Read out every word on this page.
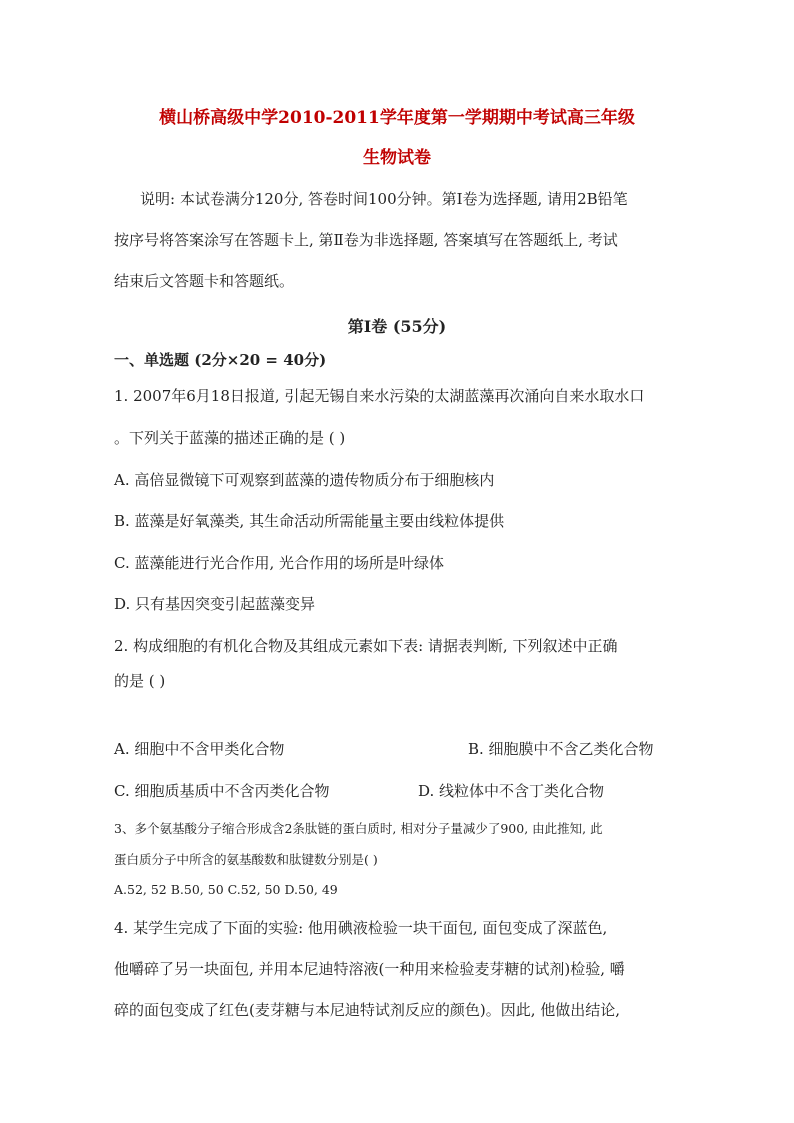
横山桥高级中学2010-2011学年度第一学期期中考试高三年级
生物试卷
说明: 本试卷满分120分, 答卷时间100分钟。第Ⅰ卷为选择题, 请用2B铅笔
按序号将答案涂写在答题卡上, 第Ⅱ卷为非选择题, 答案填写在答题纸上, 考试
结束后文答题卡和答题纸。
第Ⅰ卷 (55分)
一、单选题 (2分×20 = 40分)
1. 2007年6月18日报道, 引起无锡自来水污染的太湖蓝藻再次涌向自来水取水口
。下列关于蓝藻的描述正确的是 ( )
A. 高倍显微镜下可观察到蓝藻的遗传物质分布于细胞核内
B. 蓝藻是好氧藻类, 其生命活动所需能量主要由线粒体提供
C. 蓝藻能进行光合作用, 光合作用的场所是叶绿体
D. 只有基因突变引起蓝藻变异
2. 构成细胞的有机化合物及其组成元素如下表: 请据表判断, 下列叙述中正确
的是 ( )
A. 细胞中不含甲类化合物	B. 细胞膜中不含乙类化合物
C. 细胞质基质中不含丙类化合物	D. 线粒体中不含丁类化合物
3、多个氨基酸分子缩合形成含2条肽链的蛋白质时, 相对分子量减少了900, 由此推知, 此
蛋白质分子中所含的氨基酸数和肽键数分别是( )
A.52, 52 B.50, 50 C.52, 50 D.50, 49
4. 某学生完成了下面的实验: 他用碘液检验一块干面包, 面包变成了深蓝色,
他嚼碎了另一块面包, 并用本尼迪特溶液(一种用来检验麦芽糖的试剂)检验, 嚼
碎的面包变成了红色(麦芽糖与本尼迪特试剂反应的颜色)。因此, 他做出结论,
